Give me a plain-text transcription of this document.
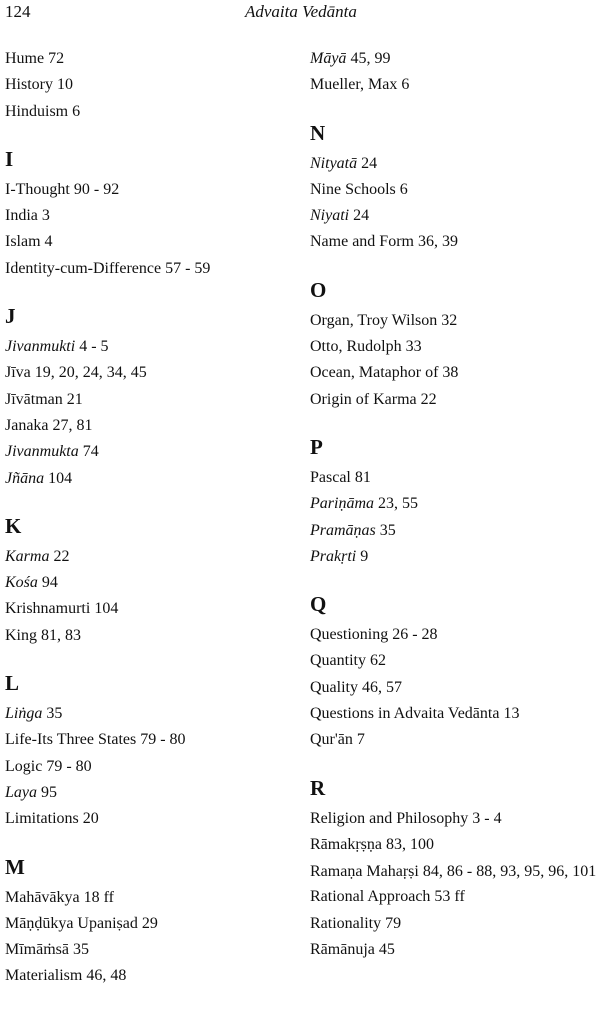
124	Advaita Vedānta
Hume 72
History 10
Hinduism 6
I
I-Thought 90 - 92
India 3
Islam 4
Identity-cum-Difference 57 - 59
J
Jivanmukti 4 - 5
Jīva 19, 20, 24, 34, 45
Jīvātman 21
Janaka 27, 81
Jivanmukta 74
Jñāna 104
K
Karma 22
Kośa 94
Krishnamurti 104
King 81, 83
L
Liṅga 35
Life-Its Three States 79 - 80
Logic 79 - 80
Laya 95
Limitations 20
M
Mahāvākya 18 ff
Māṇḍūkya Upaniṣad 29
Mīmāṁsā 35
Materialism 46, 48
Māyā 45, 99
Mueller, Max 6
N
Nityatā 24
Nine Schools 6
Niyati 24
Name and Form 36, 39
O
Organ, Troy Wilson 32
Otto, Rudolph 33
Ocean, Mataphor of 38
Origin of Karma 22
P
Pascal 81
Pariṇāma 23, 55
Pramāṇas 35
Prakṛti 9
Q
Questioning 26 - 28
Quantity 62
Quality 46, 57
Questions in Advaita Vedānta 13
Qur'ān 7
R
Religion and Philosophy 3 - 4
Rāmakṛṣṇa 83, 100
Ramaṇa Mahaṛṣi 84, 86 - 88, 93, 95, 96, 101
Rational Approach 53 ff
Rationality 79
Rāmānuja 45
